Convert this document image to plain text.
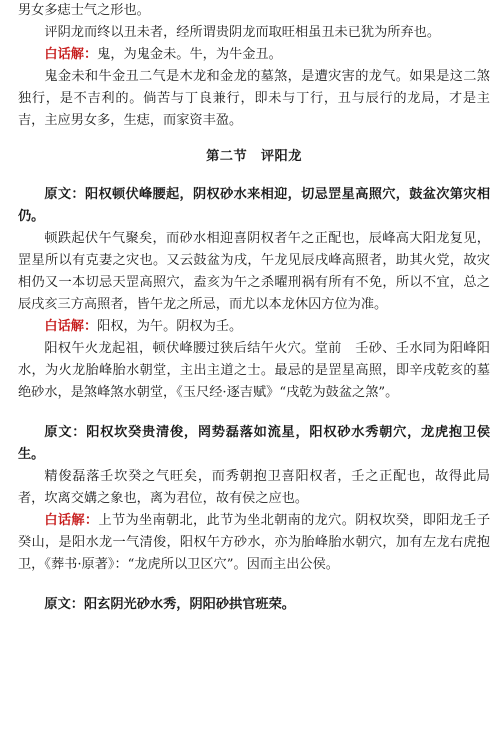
男女多痣士气之形也。

评阴龙而终以丑未者，经所谓贵阴龙而取旺相虽丑未已犹为所弃也。

白话解：鬼，为鬼金未。牛，为牛金丑。

鬼金未和牛金丑二气是木龙和金龙的墓煞，是遭灾害的龙气。如果是这二煞独行，是不吉利的。倘苦与丁良兼行，即未与丁行，丑与辰行的龙局，才是主吉，主应男女多，生痣，而家资丰盈。

第二节　评阳龙

原文：阳权顿伏峰腰起，阴权砂水来相迎，切忌罡星高照穴，鼓盆次第灾相仍。

顿跌起伏午气聚矣，而砂水相迎喜阴权者午之正配也，辰峰高大阳龙复见，罡星所以有克妻之灾也。又云鼓盆为戌，午龙见辰戌峰高照者，助其火党，故灾相仍又一本切忌天罡高照穴，盍亥为午之杀曜刑祸有所有不免，所以不宜，总之辰戌亥三方高照者，皆午龙之所忌，而尤以本龙休囚方位为准。

白话解：阳权，为午。阴权为壬。

阳权午火龙起祖，顿伏峰腰过狭后结午火穴。堂前　壬砂、壬水同为阳峰阳水，为火龙胎峰胎水朝堂，主出主道之士。最忌的是罡星高照，即辛戌乾亥的墓绝砂水，是煞峰煞水朝堂，《玉尺经·逐吉赋》“戌乾为鼓盆之煞”。

原文：阳权坎癸贵清俊，罔势磊落如流星，阳权砂水秀朝穴，龙虎抱卫侯生。

精俊磊落壬坎癸之气旺矣，而秀朝抱卫喜阳权者，壬之正配也，故得此局者，坎离交媾之象也，离为君位，故有侯之应也。

白话解：上节为坐南朝北，此节为坐北朝南的龙穴。阴权坎癸，即阳龙壬子癸山，是阳水龙一气清俊，阳权午方砂水，亦为胎峰胎水朝穴，加有左龙右虎抱卫，《葬书·原著》：“龙虎所以卫区穴”。因而主出公侯。

原文：阳玄阴光砂水秀，阴阳砂拱官班荣。
